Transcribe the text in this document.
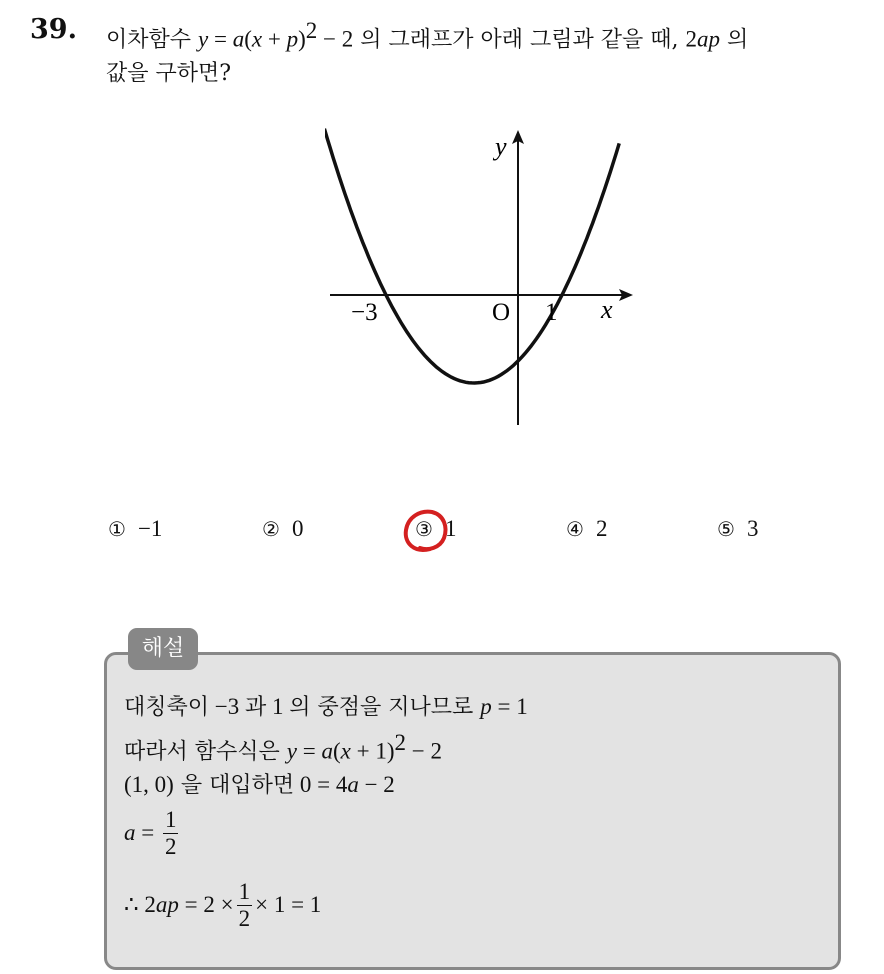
39. 이차함수 $y = a(x + p)^2 - 2$ 의 그래프가 아래 그림과 같을 때, 2ap 의
값을 구하면?
y
x
O
−3	1
① −1	② 0	③ 1	④ 2	⑤ 3
해설
대칭축이 −3 과 1 의 중점을 지나므로 p = 1
따라서 함수식은 $y = a(x + 1)^2 - 2$
(1, 0) 을 대입하면 0 = 4a − 2
$a = \frac{1}{2}$
∴ $2ap = 2 \times \frac{1}{2} \times 1 = 1$
